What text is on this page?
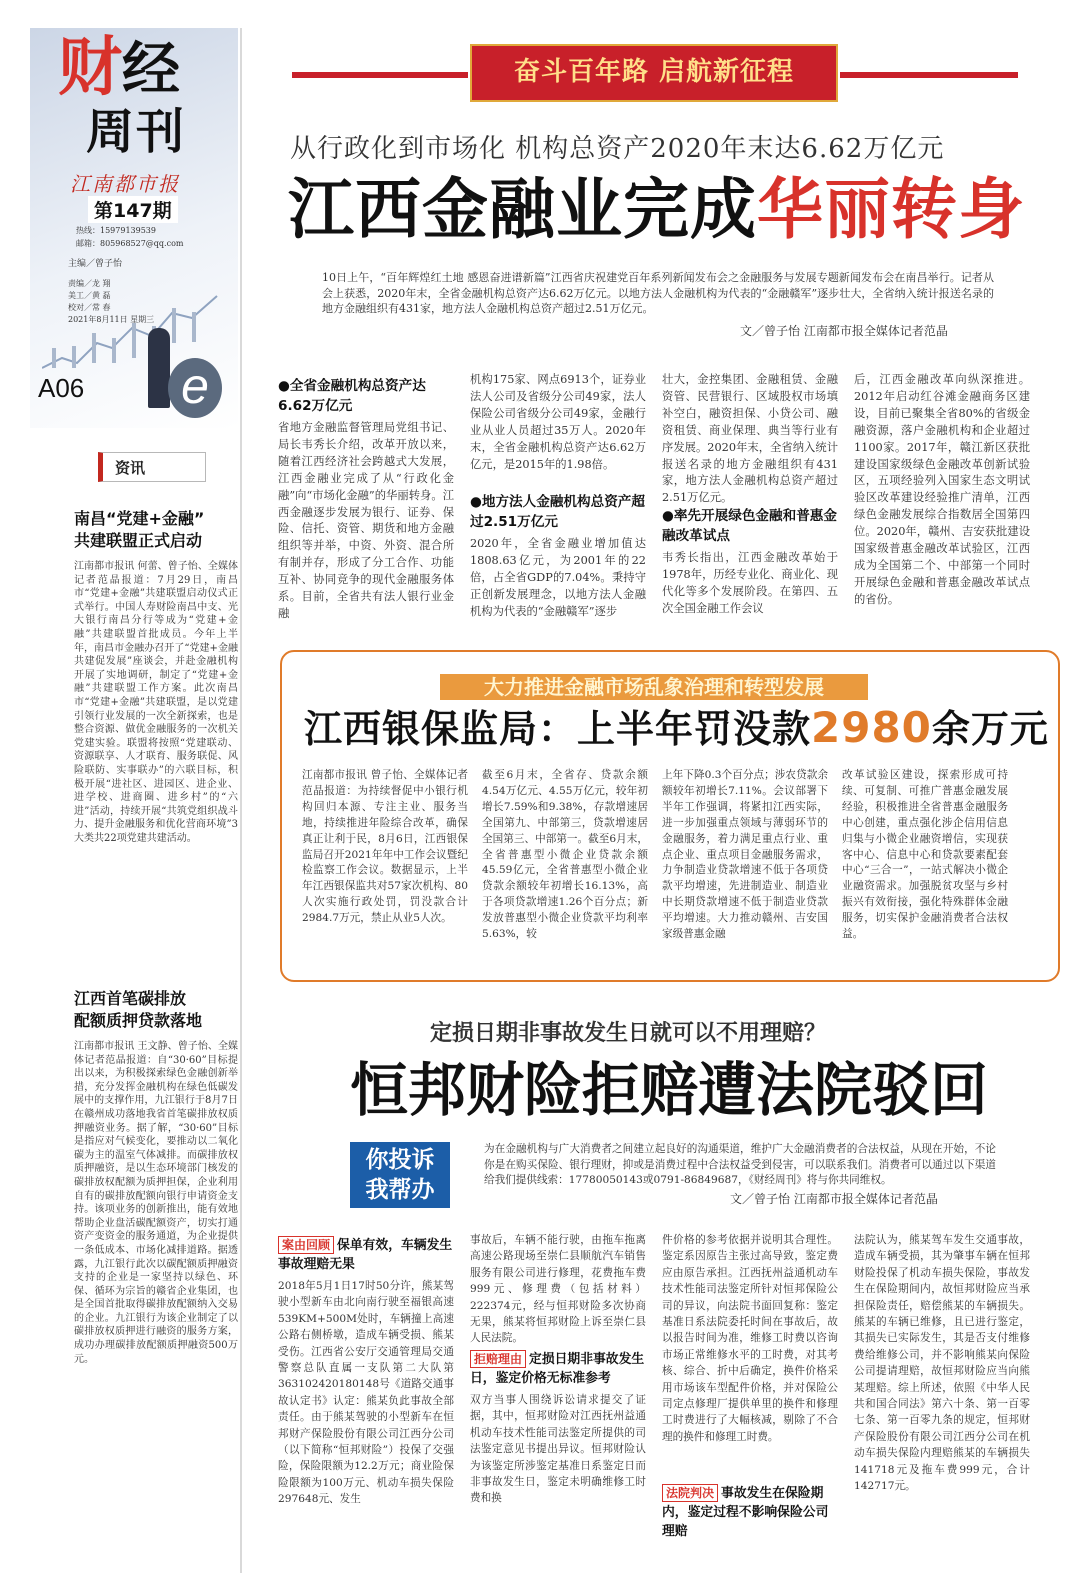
财 经
周刊
江南都市报
第147期
热线：15979139539
邮箱：805968527@qq.com
主编／曾子怡
责编／龙 翔
美工／黄 磊
校对／常 春
2021年8月11日 星期三
A06 e
资讯
南昌“党建+金融”
共建联盟正式启动
江南都市报讯 何蕾、曾子怡、全媒体记者范晶报道：7月29日，南昌市“党建+金融”共建联盟启动仪式正式举行。中国人寿财险南昌中支、光大银行南昌分行等成为“党建+金融”共建联盟首批成员。今年上半年，南昌市金融办召开了“党建+金融 共建促发展”座谈会，并赴金融机构开展了实地调研，制定了“党建+金融”共建联盟工作方案。此次南昌市“党建+金融”共建联盟，是以党建引领行业发展的一次全新探索，也是整合资源、做优金融服务的一次机关党建实验。联盟将按照“党建联动、资源联享、人才联育、服务联促、风险联防、实事联办”的六联目标，积极开展“进社区、进园区、进企业、进学校、进商圈、进乡村”的“六进”活动，持续开展“共筑党组织战斗力、提升金融服务和优化营商环境”3大类共22项党建共建活动。
江西首笔碳排放
配额质押贷款落地
江南都市报讯 王文静、曾子怡、全媒体记者范晶报道：自“30·60”目标提出以来，为积极探索绿色金融创新举措，充分发挥金融机构在绿色低碳发展中的支撑作用，九江银行于8月7日在赣州成功落地我省首笔碳排放权质押融资业务。据了解，“30·60”目标是指应对气候变化，要推动以二氧化碳为主的温室气体减排。而碳排放权质押融资，是以生态环境部门核发的碳排放权配额为质押担保，企业利用自有的碳排放配额向银行申请资金支持。该项业务的创新推出，能有效地帮助企业盘活碳配额资产，切实打通资产变资金的服务通道，为企业提供一条低成本、市场化减排道路。据透露，九江银行此次以碳配额质押融资支持的企业是一家坚持以绿色、环保、循环为宗旨的赣省企业集团，也是全国首批取得碳排放配额纳入交易的企业。九江银行为该企业制定了以碳排放权质押进行融资的服务方案，成功办理碳排放配额质押融资500万元。
奋斗百年路 启航新征程
从行政化到市场化 机构总资产2020年末达6.62万亿元
江西金融业完成华丽转身
10日上午，“百年辉煌红土地 感恩奋进谱新篇”江西省庆祝建党百年系列新闻发布会之金融服务与发展专题新闻发布会在南昌举行。记者从会上获悉，2020年末，全省金融机构总资产达6.62万亿元。以地方法人金融机构为代表的“金融赣军”逐步壮大，全省纳入统计报送名录的地方金融组织有431家，地方法人金融机构总资产超过2.51万亿元。
文／曾子怡 江南都市报全媒体记者范晶
●全省金融机构总资产达6.62万亿元
省地方金融监督管理局党组书记、局长韦秀长介绍，改革开放以来，随着江西经济社会跨越式大发展，江西金融业完成了从“行政化金融”向“市场化金融”的华丽转身。江西金融逐步发展为银行、证券、保险、信托、资管、期货和地方金融组织等并举，中资、外资、混合所有制并存，形成了分工合作、功能互补、协同竞争的现代金融服务体系。目前，全省共有法人银行业金融
机构175家、网点6913个，证券业法人公司及省级分公司49家，法人保险公司省级分公司49家，金融行业从业人员超过35万人。2020年末，全省金融机构总资产达6.62万亿元，是2015年的1.98倍。
●地方法人金融机构总资产超过2.51万亿元
2020年，全省金融业增加值达1808.63亿元，为2001年的22倍，占全省GDP的7.04%。秉持守正创新发展理念，以地方法人金融机构为代表的“金融赣军”逐步
壮大，金控集团、金融租赁、金融资管、民营银行、区域股权市场填补空白，融资担保、小贷公司、融资租赁、商业保理、典当等行业有序发展。2020年末，全省纳入统计报送名录的地方金融组织有431家，地方法人金融机构总资产超过2.51万亿元。
●率先开展绿色金融和普惠金融改革试点
韦秀长指出，江西金融改革始于1978年，历经专业化、商业化、现代化等多个发展阶段。在第四、五次全国金融工作会议
后，江西金融改革向纵深推进。2012年启动红谷滩金融商务区建设，目前已聚集全省80%的省级金融资源，落户金融机构和企业超过1100家。2017年，赣江新区获批建设国家级绿色金融改革创新试验区，五项经验列入国家生态文明试验区改革建设经验推广清单，江西绿色金融发展综合指数居全国第四位。2020年，赣州、吉安获批建设国家级普惠金融改革试验区，江西成为全国第二个、中部第一个同时开展绿色金融和普惠金融改革试点的省份。
大力推进金融市场乱象治理和转型发展
江西银保监局：上半年罚没款2980余万元
江南都市报讯 曾子怡、全媒体记者范晶报道：为持续督促中小银行机构回归本源、专注主业、服务当地，持续推进年险综合改革，确保真正让利于民，8月6日，江西银保监局召开2021年年中工作会议暨纪检监察工作会议。数据显示，上半年江西银保监共对57家次机构、80人次实施行政处罚，罚没款合计2984.7万元，禁止从业5人次。
截至6月末，全省存、贷款余额4.54万亿元、4.55万亿元，较年初增长7.59%和9.38%，存款增速居全国第九、中部第三，贷款增速居全国第三、中部第一。截至6月末，全省普惠型小微企业贷款余额45.59亿元，全省普惠型小微企业贷款余额较年初增长16.13%，高于各项贷款增速1.26个百分点；新发放普惠型小微企业贷款平均利率5.63%，较
上年下降0.3个百分点；涉农贷款余额较年初增长7.11%。会议部署下半年工作强调，将紧扣江西实际，进一步加强重点领域与薄弱环节的金融服务，着力满足重点行业、重点企业、重点项目金融服务需求，力争制造业贷款增速不低于各项贷款平均增速，先进制造业、制造业中长期贷款增速不低于制造业贷款平均增速。大力推动赣州、吉安国家级普惠金融
改革试验区建设，探索形成可持续、可复制、可推广普惠金融发展经验，积极推进全省普惠金融服务中心创建，重点强化涉企信用信息归集与小微企业融资增信，实现获客中心、信息中心和贷款要素配套中心“三合一”，一站式解决小微企业融资需求。加强脱贫攻坚与乡村振兴有效衔接，强化特殊群体金融服务，切实保护金融消费者合法权益。
定损日期非事故发生日就可以不用理赔？
恒邦财险拒赔遭法院驳回
你投诉
我帮办
为在金融机构与广大消费者之间建立起良好的沟通渠道，维护广大金融消费者的合法权益，从现在开始，不论你是在购买保险、银行理财，抑或是消费过程中合法权益受到侵害，可以联系我们。消费者可以通过以下渠道给我们提供线索：17780050143或0791-86849687，《财经周刊》将与你共同维权。
文／曾子怡 江南都市报全媒体记者范晶
案由回顾 保单有效，车辆发生事故理赔无果
2018年5月1日17时50分许，熊某驾驶小型新车由北向南行驶至福银高速539KM+500M处时，车辆撞上高速公路右侧桥墩，造成车辆受损、熊某受伤。江西省公安厅交通管理局交通警察总队直属一支队第二大队第363102420180148号《道路交通事故认定书》认定：熊某负此事故全部责任。由于熊某驾驶的小型新车在恒邦财产保险股份有限公司江西分公司（以下简称“恒邦财险”）投保了交强险，保险限额为12.2万元；商业险保险限额为100万元、机动车损失保险297648元、发生
事故后，车辆不能行驶，由拖车拖离高速公路现场至崇仁县顺航汽车销售服务有限公司进行修理，花费拖车费999元、修理费（包括材料）222374元，经与恒邦财险多次协商无果，熊某将恒邦财险上诉至崇仁县人民法院。
拒赔理由 定损日期非事故发生日，鉴定价格无标准参考
双方当事人围绕诉讼请求提交了证据，其中，恒邦财险对江西抚州益通机动车技术性能司法鉴定所提供的司法鉴定意见书提出异议。恒邦财险认为该鉴定所涉鉴定基准日系鉴定日而非事故发生日，鉴定未明确维修工时费和换
件价格的参考依据并说明其合理性。鉴定系因原告主张过高导致，鉴定费应由原告承担。江西抚州益通机动车技术性能司法鉴定所针对恒邦保险公司的异议，向法院书面回复称：鉴定基准日系法院委托时间在事故后，故以报告时间为准，维修工时费以咨询市场正常维修水平的工时费，对其考核、综合、折中后确定，换件价格采用市场该车型配件价格，并对保险公司定点修理厂提供单里的换件和修理工时费进行了大幅核减，剔除了不合理的换件和修理工时费。
法院判决 事故发生在保险期内，鉴定过程不影响保险公司理赔
法院认为，熊某驾车发生交通事故，造成车辆受损，其为肇事车辆在恒邦财险投保了机动车损失保险，事故发生在保险期间内，故恒邦财险应当承担保险责任，赔偿熊某的车辆损失。熊某的车辆已维修，且已进行鉴定，其损失已实际发生，其是否支付维修费给维修公司，并不影响熊某向保险公司提请理赔，故恒邦财险应当向熊某理赔。综上所述，依照《中华人民共和国合同法》第六十条、第一百零七条、第一百零九条的规定，恒邦财产保险股份有限公司江西分公司在机动车损失保险内理赔熊某的车辆损失141718元及拖车费999元，合计142717元。
